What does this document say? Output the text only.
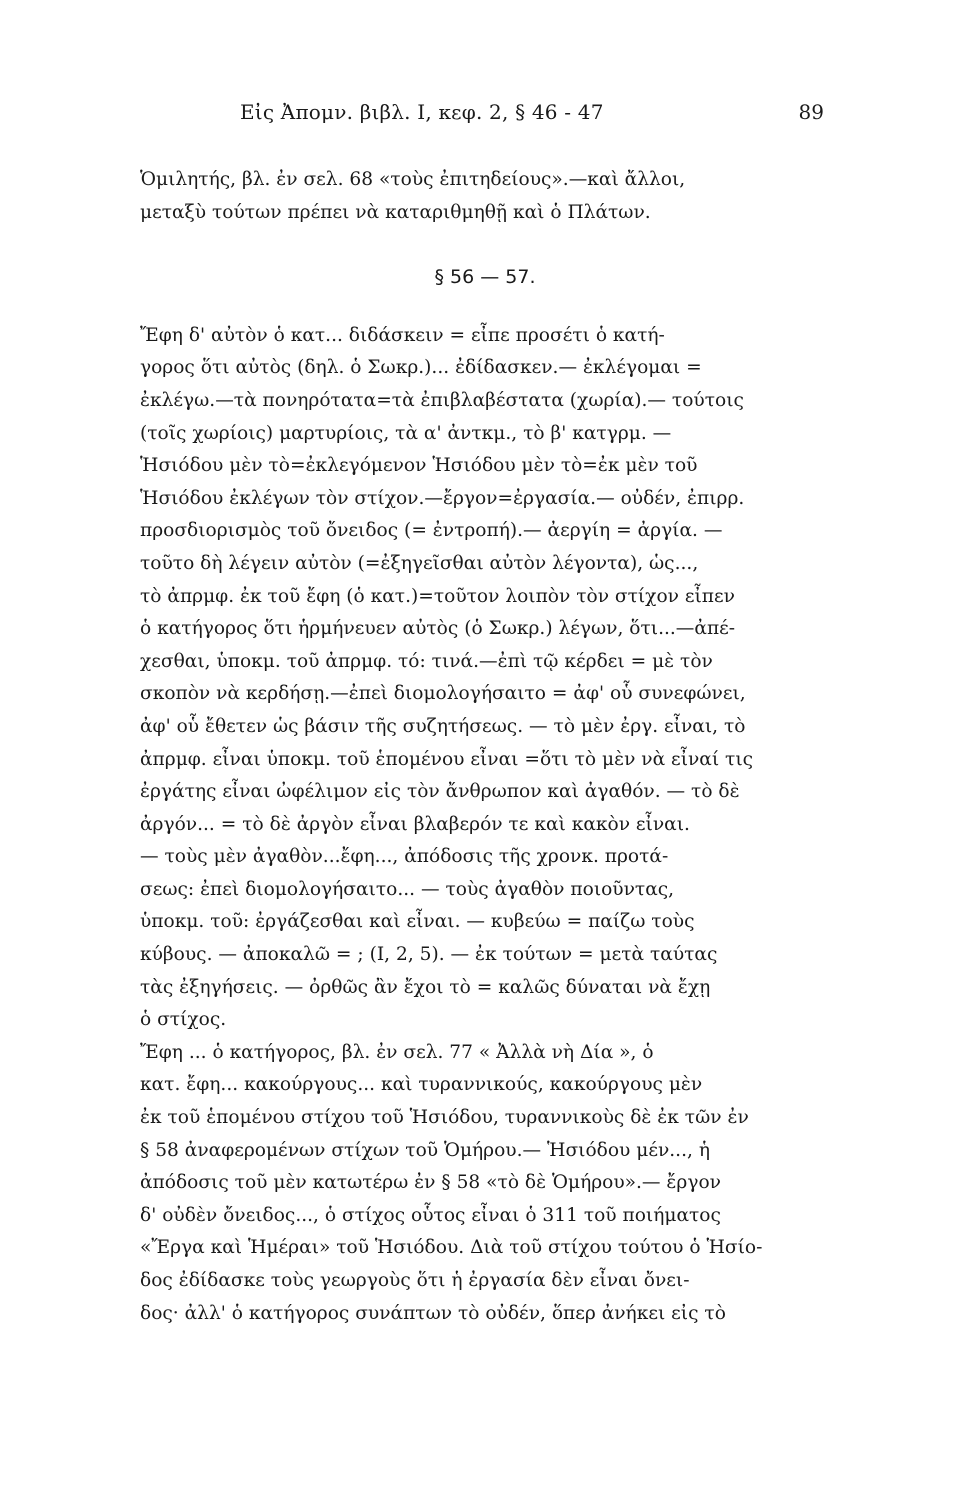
Εἰς Ἀπομν. βιβλ. I, κεφ. 2, § 46 - 47	89
Ὁμιλητής, βλ. ἐν σελ. 68 «τοὺς ἐπιτηδείους».—καὶ ἄλλοι,
μεταξὺ τούτων πρέπει νὰ καταριθμηθῇ καὶ ὁ Πλάτων.
§ 56 — 57.
Ἔφη δ' αὐτὸν ὁ κατ... διδάσκειν = εἶπε προσέτι ὁ κατή-
γορος ὅτι αὐτὸς (δηλ. ὁ Σωκρ.)... ἐδίδασκεν.— ἐκλέγομαι =
ἐκλέγω.—τὰ πονηρότατα=τὰ ἐπιβλαβέστατα (χωρία).— τούτοις
(τοῖς χωρίοις) μαρτυρίοις, τὰ α' ἀντκμ., τὸ β' κατγρμ. —
Ἡσιόδου μὲν τὸ=ἐκλεγόμενον Ἡσιόδου μὲν τὸ=ἐκ μὲν τοῦ
Ἡσιόδου ἐκλέγων τὸν στίχον.—ἔργον=ἐργασία.— οὐδέν, ἐπιρρ.
προσδιορισμὸς τοῦ ὄνειδος (= ἐντροπή).— ἀεργίη = ἀργία. —
τοῦτο δὴ λέγειν αὐτὸν (=ἐξηγεῖσθαι αὐτὸν λέγοντα), ὡς...,
τὸ ἀπρμφ. ἐκ τοῦ ἔφη (ὁ κατ.)=τοῦτον λοιπὸν τὸν στίχον εἶπεν
ὁ κατήγορος ὅτι ἡρμήνευεν αὐτὸς (ὁ Σωκρ.) λέγων, ὅτι...—ἀπέ-
χεσθαι, ὑποκμ. τοῦ ἀπρμφ. τό: τινά.—ἐπὶ τῷ κέρδει = μὲ τὸν
σκοπὸν νὰ κερδήσῃ.—ἐπεὶ διομολογήσαιτο = ἀφ' οὗ συνεφώνει,
ἀφ' οὗ ἔθετεν ὡς βάσιν τῆς συζητήσεως. — τὸ μὲν ἐργ. εἶναι, τὸ
ἀπρμφ. εἶναι ὑποκμ. τοῦ ἑπομένου εἶναι =ὅτι τὸ μὲν νὰ εἶναί τις
ἐργάτης εἶναι ὠφέλιμον εἰς τὸν ἄνθρωπον καὶ ἀγαθόν. — τὸ δὲ
ἀργόν... = τὸ δὲ ἀργὸν εἶναι βλαβερόν τε καὶ κακὸν εἶναι.
— τοὺς μὲν ἀγαθὸν...ἔφη..., ἀπόδοσις τῆς χρονκ. προτά-
σεως: ἐπεὶ διομολογήσαιτο... — τοὺς ἀγαθὸν ποιοῦντας,
ὑποκμ. τοῦ: ἐργάζεσθαι καὶ εἶναι. — κυβεύω = παίζω τοὺς
κύβους. — ἀποκαλῶ = ; (I, 2, 5). — ἐκ τούτων = μετὰ ταύτας
τὰς ἐξηγήσεις. — ὀρθῶς ἂν ἔχοι τὸ = καλῶς δύναται νὰ ἔχῃ
ὁ στίχος.
Ἔφη ... ὁ κατήγορος, βλ. ἐν σελ. 77 « Ἀλλὰ νὴ Δία », ὁ
κατ. ἔφη... κακούργους... καὶ τυραννικούς, κακούργους μὲν
ἐκ τοῦ ἑπομένου στίχου τοῦ Ἡσιόδου, τυραννικοὺς δὲ ἐκ τῶν ἐν
§ 58 ἀναφερομένων στίχων τοῦ Ὁμήρου.— Ἡσιόδου μέν..., ἡ
ἀπόδοσις τοῦ μὲν κατωτέρω ἐν § 58 «τὸ δὲ Ὁμήρου».— ἔργον
δ' οὐδὲν ὄνειδος..., ὁ στίχος οὗτος εἶναι ὁ 311 τοῦ ποιήματος
«Ἔργα καὶ Ἡμέραι» τοῦ Ἡσιόδου. Διὰ τοῦ στίχου τούτου ὁ Ἡσίο-
δος ἐδίδασκε τοὺς γεωργοὺς ὅτι ἡ ἐργασία δὲν εἶναι ὄνει-
δος· ἀλλ' ὁ κατήγορος συνάπτων τὸ οὐδέν, ὅπερ ἀνήκει εἰς τὸ
